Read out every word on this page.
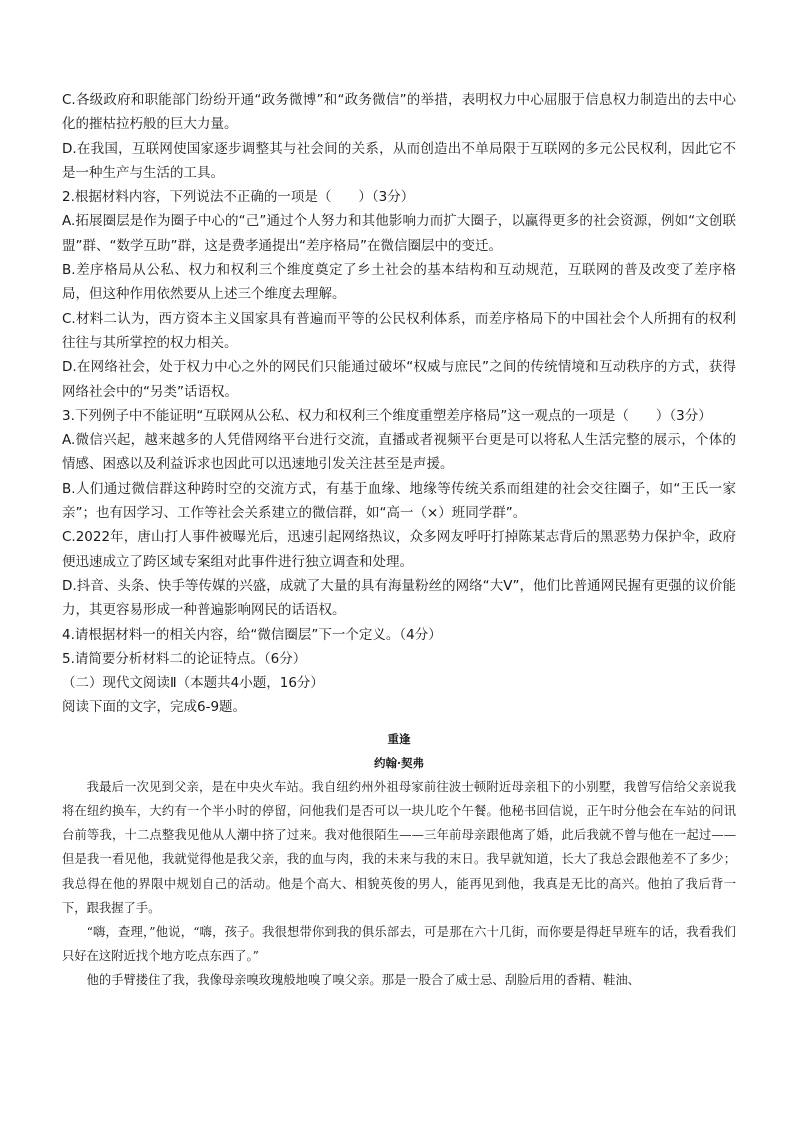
C.各级政府和职能部门纷纷开通“政务微博”和“政务微信”的举措，表明权力中心屈服于信息权力制造出的去中心化的摧枯拉朽般的巨大力量。

D.在我国，互联网使国家逐步调整其与社会间的关系，从而创造出不单局限于互联网的多元公民权利，因此它不是一种生产与生活的工具。

2.根据材料内容，下列说法不正确的一项是（　　）（3分）

A.拓展圈层是作为圈子中心的“己”通过个人努力和其他影响力而扩大圈子，以赢得更多的社会资源，例如“文创联盟”群、“数学互助”群，这是费孝通提出“差序格局”在微信圈层中的变迁。

B.差序格局从公私、权力和权利三个维度奠定了乡土社会的基本结构和互动规范，互联网的普及改变了差序格局，但这种作用依然要从上述三个维度去理解。

C.材料二认为，西方资本主义国家具有普遍而平等的公民权利体系，而差序格局下的中国社会个人所拥有的权利往往与其所掌控的权力相关。

D.在网络社会，处于权力中心之外的网民们只能通过破坏“权威与庶民”之间的传统情境和互动秩序的方式，获得网络社会中的“另类”话语权。

3.下列例子中不能证明“互联网从公私、权力和权利三个维度重塑差序格局”这一观点的一项是（　　）（3分）

A.微信兴起，越来越多的人凭借网络平台进行交流，直播或者视频平台更是可以将私人生活完整的展示，个体的情感、困惑以及利益诉求也因此可以迅速地引发关注甚至是声援。

B.人们通过微信群这种跨时空的交流方式，有基于血缘、地缘等传统关系而组建的社会交往圈子，如“王氏一家亲”；也有因学习、工作等社会关系建立的微信群，如“高一（×）班同学群”。

C.2022年，唐山打人事件被曝光后，迅速引起网络热议，众多网友呼吁打掉陈某志背后的黑恶势力保护伞，政府便迅速成立了跨区域专案组对此事件进行独立调查和处理。

D.抖音、头条、快手等传媒的兴盛，成就了大量的具有海量粉丝的网络“大V”，他们比普通网民握有更强的议价能力，其更容易形成一种普遍影响网民的话语权。

4.请根据材料一的相关内容，给“微信圈层”下一个定义。（4分）

5.请简要分析材料二的论证特点。（6分）

（二）现代文阅读Ⅱ（本题共4小题，16分）

阅读下面的文字，完成6-9题。

重逢
约翰·契弗

我最后一次见到父亲，是在中央火车站。我自纽约州外祖母家前往波士顿附近母亲租下的小别墅，我曾写信给父亲说我将在纽约换车，大约有一个半小时的停留，问他我们是否可以一块儿吃个午餐。他秘书回信说，正午时分他会在车站的问讯台前等我，十二点整我见他从人潮中挤了过来。我对他很陌生——三年前母亲跟他离了婚，此后我就不曾与他在一起过——但是我一看见他，我就觉得他是我父亲，我的血与肉，我的未来与我的末日。我早就知道，长大了我总会跟他差不了多少；我总得在他的界限中规划自己的活动。他是个高大、相貌英俊的男人，能再见到他，我真是无比的高兴。他拍了我后背一下，跟我握了手。

“嗨，查理，”他说，“嗨，孩子。我很想带你到我的俱乐部去，可是那在六十几街，而你要是得赶早班车的话，我看我们只好在这附近找个地方吃点东西了。”

他的手臂搂住了我，我像母亲嗅玫瑰般地嗅了嗅父亲。那是一股合了威士忌、刮脸后用的香精、鞋油、
